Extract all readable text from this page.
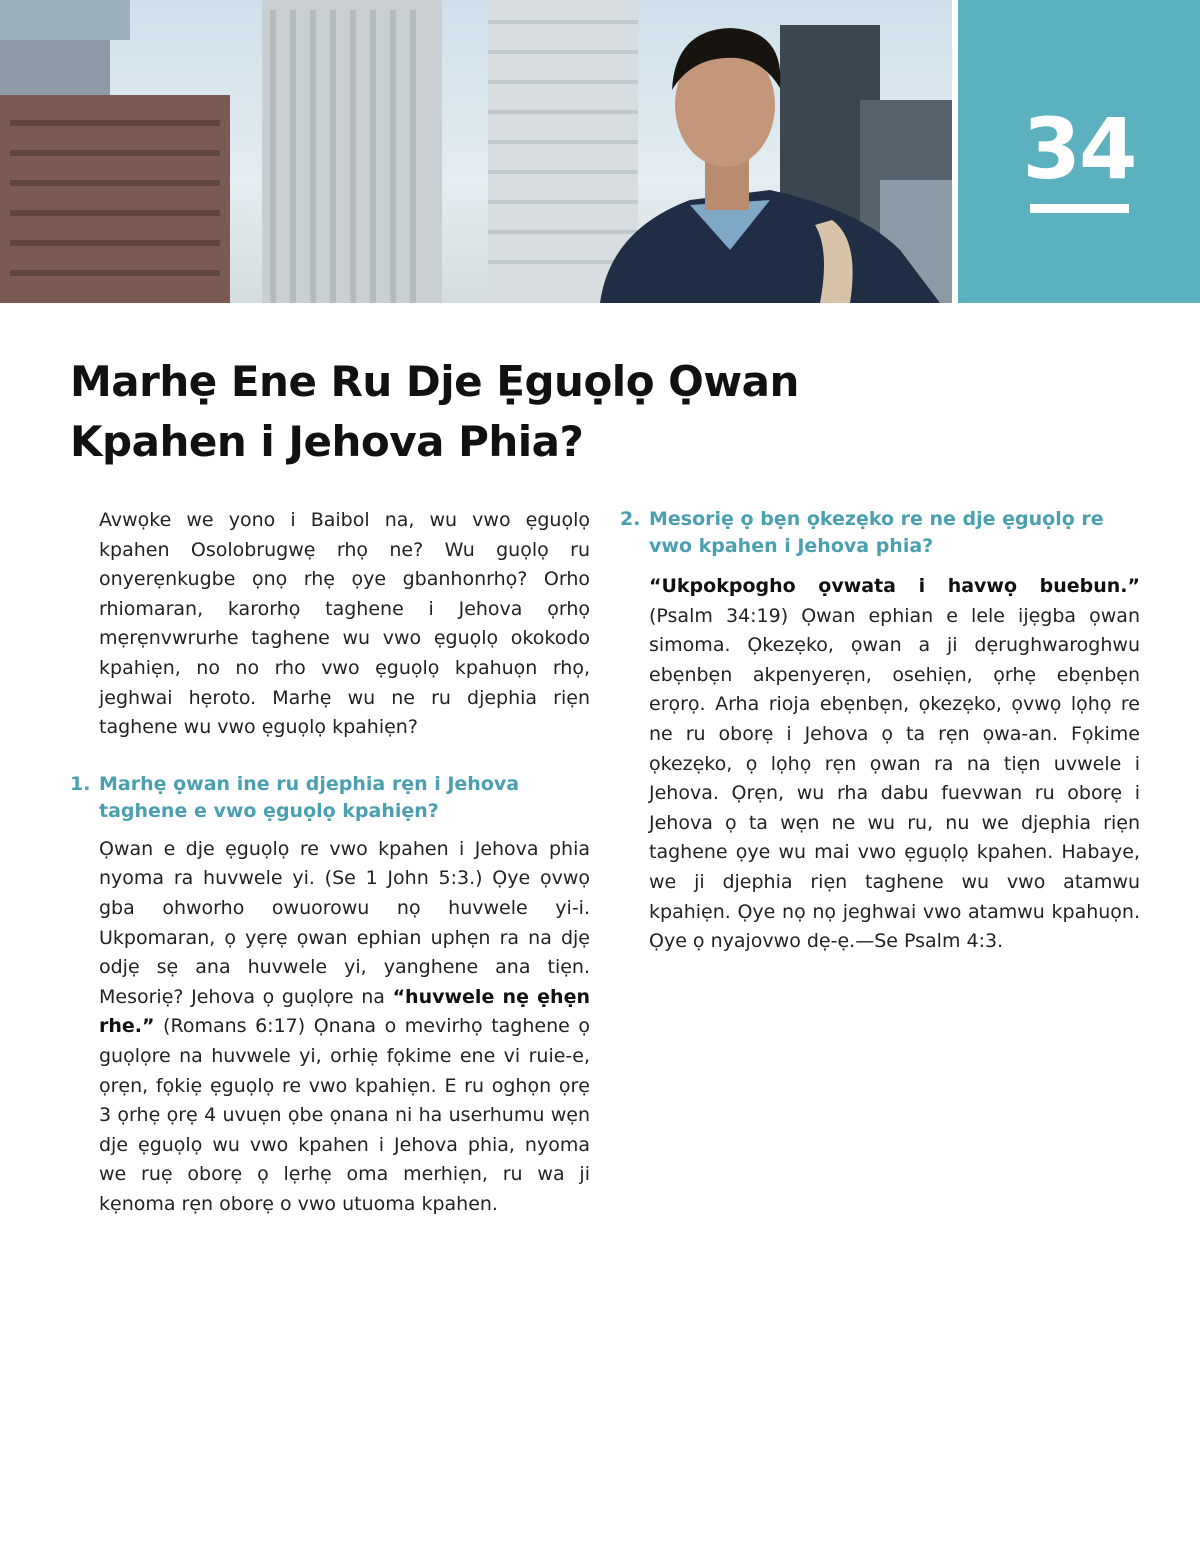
34
Marhẹ Ene Ru Dje Ẹguọlọ Ọwan
Kpahen i Jehova Phia?

Avwọke we yono i Baibol na, wu vwo ẹguọlọ kpahen Osolobrugwẹ rhọ ne? Wu guọlọ ru onyerẹnkugbe ọnọ rhẹ ọye gbanhonrhọ? Orho rhiomaran, karorhọ taghene i Jehova ọrhọ mẹrẹnvwrurhe taghene wu vwo ẹguọlọ okokodo kpahiẹn, no no rho vwo ẹguọlọ kpahuọn rhọ, jeghwai hẹroto. Marhẹ wu ne ru djephia riẹn taghene wu vwo ẹguọlọ kpahiẹn?

1. Marhẹ ọwan ine ru djephia rẹn i Jehova taghene e vwo ẹguọlọ kpahiẹn?

Ọwan e dje ẹguọlọ re vwo kpahen i Jehova phia nyoma ra huvwele yi. (Se 1 John 5:3.) Ọye ọvwọ gba ohworho owuorowu nọ huvwele yi-i. Ukpomaran, ọ yẹrẹ ọwan ephian uphẹn ra na djẹ odjẹ sẹ ana huvwele yi, yanghene ana tiẹn. Mesoriẹ? Jehova ọ guọlọre na “huvwele nẹ ẹhẹn rhe.” (Romans 6:17) Ọnana o mevirhọ taghene ọ guọlọre na huvwele yi, orhiẹ fọkime ene vi ruie-e, ọrẹn, fọkiẹ ẹguọlọ re vwo kpahiẹn. E ru oghọn ọrẹ 3 ọrhẹ ọrẹ 4 uvuẹn ọbe ọnana ni ha userhumu wẹn dje ẹguọlọ wu vwo kpahen i Jehova phia, nyoma we ruẹ oborẹ ọ lẹrhẹ oma merhiẹn, ru wa ji kẹnoma rẹn oborẹ o vwo utuoma kpahen.

2. Mesoriẹ ọ bẹn ọkezẹko re ne dje ẹguọlọ re vwo kpahen i Jehova phia?

“Ukpokpogho ọvwata i havwọ buebun.” (Psalm 34:19) Ọwan ephian e lele ijẹgba ọwan simoma. Ọkezẹko, ọwan a ji dẹrughwaroghwu ebẹnbẹn akpenyerẹn, osehiẹn, ọrhẹ ebẹnbẹn erọrọ. Arha rioja ebẹnbẹn, ọkezẹko, ọvwọ lọhọ re ne ru oborẹ i Jehova ọ ta rẹn ọwa-an. Fọkime ọkezẹko, ọ lọhọ rẹn ọwan ra na tiẹn uvwele i Jehova. Ọrẹn, wu rha dabu fuevwan ru oborẹ i Jehova ọ ta wẹn ne wu ru, nu we djephia riẹn taghene ọye wu mai vwo ẹguọlọ kpahen. Habaye, we ji djephia riẹn taghene wu vwo atamwu kpahiẹn. Ọye nọ nọ jeghwai vwo atamwu kpahuọn. Ọye ọ nyajovwo dẹ-ẹ.—Se Psalm 4:3.
